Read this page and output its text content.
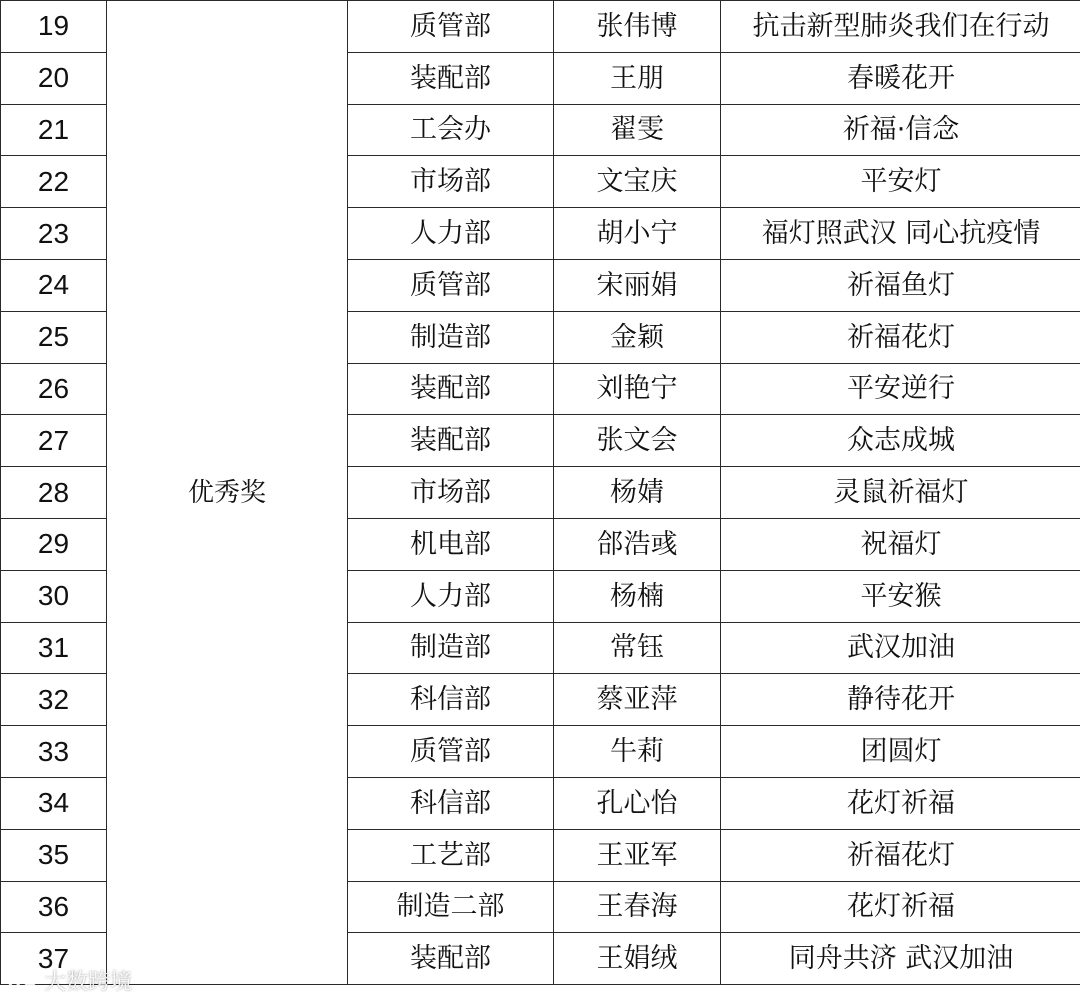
19	优秀奖	质管部	张伟博	抗击新型肺炎我们在行动
20		装配部	王朋	春暖花开
21		工会办	翟雯	祈福·信念
22		市场部	文宝庆	平安灯
23		人力部	胡小宁	福灯照武汉 同心抗疫情
24		质管部	宋丽娟	祈福鱼灯
25		制造部	金颖	祈福花灯
26		装配部	刘艳宁	平安逆行
27		装配部	张文会	众志成城
28		市场部	杨婧	灵鼠祈福灯
29		机电部	郃浩彧	祝福灯
30		人力部	杨楠	平安猴
31		制造部	常钰	武汉加油
32		科信部	蔡亚萍	静待花开
33		质管部	牛莉	团圆灯
34		科信部	孔心怡	花灯祈福
35		工艺部	王亚军	祈福花灯
36		制造二部	王春海	花灯祈福
37		装配部	王娟绒	同舟共济 武汉加油
大数跨境
